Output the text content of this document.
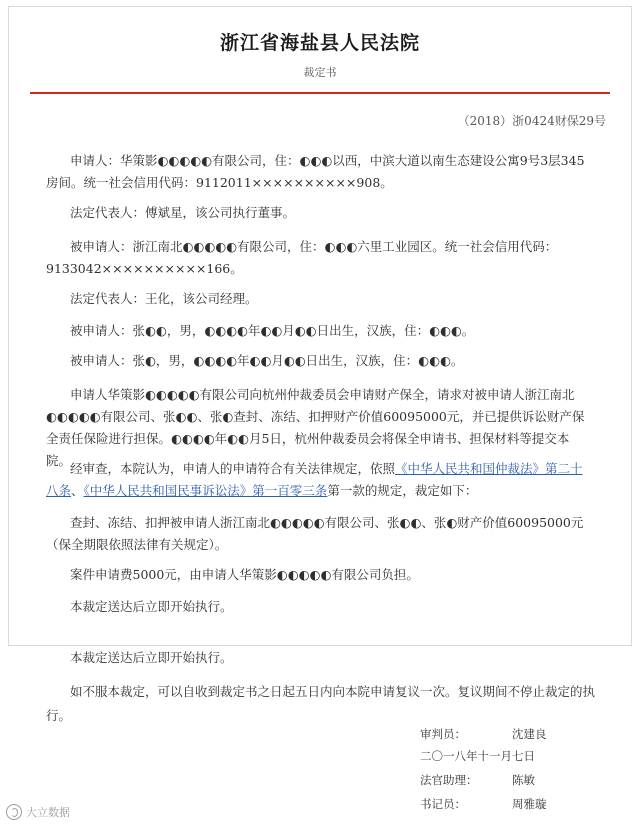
浙江省海盐县人民法院
裁定书
（2018）浙0424财保29号

申请人：华策影◐◐◐◐◐有限公司，住：◐◐◐以西，中滨大道以南生态建设公寓9号3层345房间。统一社会信用代码：9112011××××××××××908。

法定代表人：傅斌星，该公司执行董事。

被申请人：浙江南北◐◐◐◐◐有限公司，住：◐◐◐六里工业园区。统一社会信用代码：9133042××××××××××166。

法定代表人：王化，该公司经理。

被申请人：张◐◐，男，◐◐◐◐年◐◐月◐◐日出生，汉族，住：◐◐◐。

被申请人：张◐，男，◐◐◐◐年◐◐月◐◐日出生，汉族，住：◐◐◐。

申请人华策影◐◐◐◐◐有限公司向杭州仲裁委员会申请财产保全，请求对被申请人浙江南北◐◐◐◐◐有限公司、张◐◐、张◐查封、冻结、扣押财产价值60095000元，并已提供诉讼财产保全责任保险进行担保。◐◐◐◐年◐◐月5日，杭州仲裁委员会将保全申请书、担保材料等提交本院。

经审查，本院认为，申请人的申请符合有关法律规定，依照《中华人民共和国仲裁法》第二十八条、《中华人民共和国民事诉讼法》第一百零三条第一款的规定，裁定如下：

查封、冻结、扣押被申请人浙江南北◐◐◐◐◐有限公司、张◐◐、张◐财产价值60095000元（保全期限依照法律有关规定）。

案件申请费5000元，由申请人华策影◐◐◐◐◐有限公司负担。

本裁定送达后立即开始执行。

本裁定送达后立即开始执行。

如不服本裁定，可以自收到裁定书之日起五日内向本院申请复议一次。复议期间不停止裁定的执行。

审判员：	沈建良
二〇一八年十一月七日
法官助理：	陈敏
书记员：	周雅璇
大立数据
